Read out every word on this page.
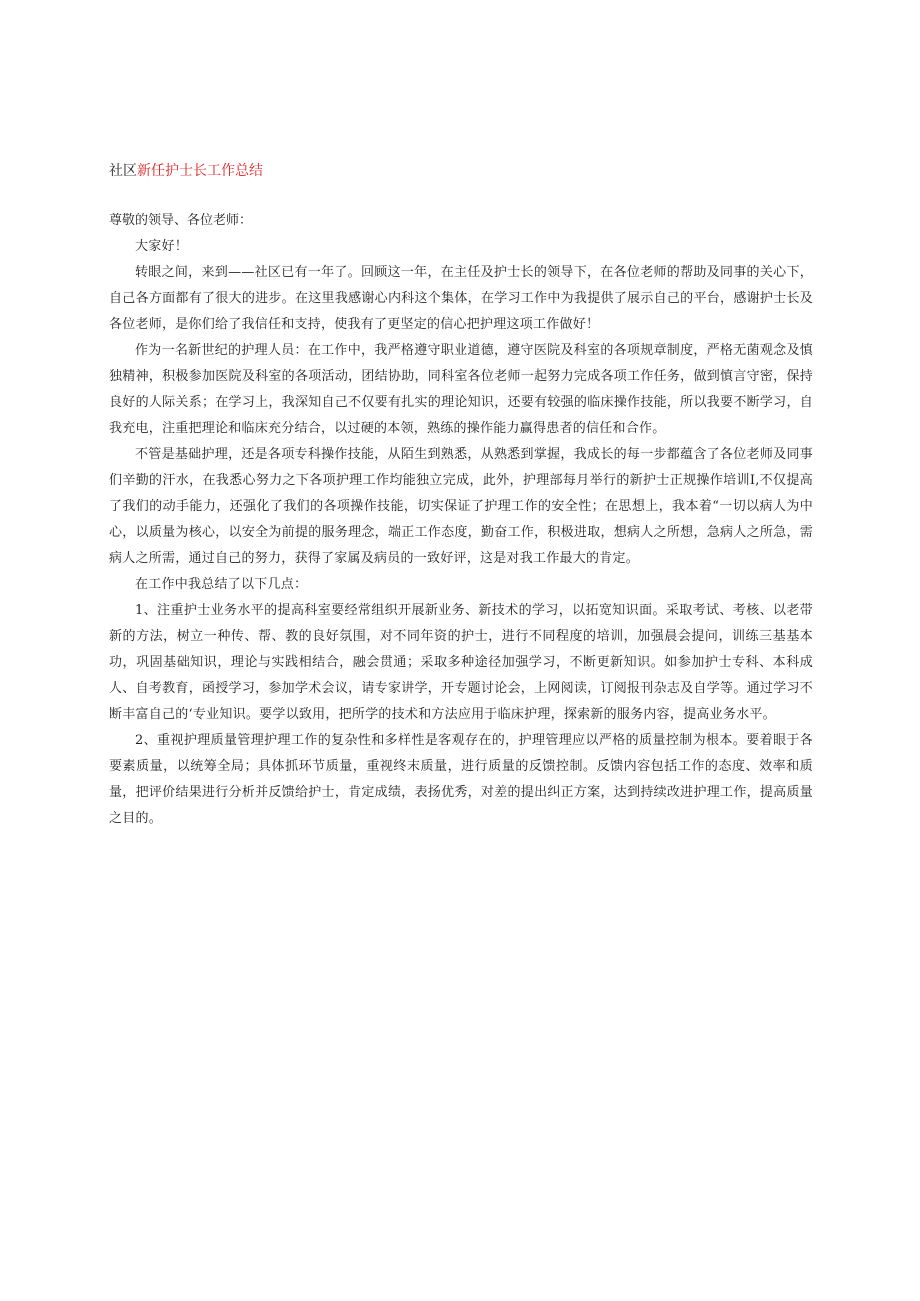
社区新任护士长工作总结

尊敬的领导、各位老师：

大家好！

转眼之间，来到——社区已有一年了。回顾这一年，在主任及护士长的领导下，在各位老师的帮助及同事的关心下，自己各方面都有了很大的进步。在这里我感谢心内科这个集体，在学习工作中为我提供了展示自己的平台，感谢护士长及各位老师，是你们给了我信任和支持，使我有了更坚定的信心把护理这项工作做好！

作为一名新世纪的护理人员：在工作中，我严格遵守职业道德，遵守医院及科室的各项规章制度，严格无菌观念及慎独精神，积极参加医院及科室的各项活动，团结协助，同科室各位老师一起努力完成各项工作任务，做到慎言守密，保持良好的人际关系；在学习上，我深知自己不仅要有扎实的理论知识，还要有较强的临床操作技能，所以我要不断学习，自我充电，注重把理论和临床充分结合，以过硬的本领，熟练的操作能力赢得患者的信任和合作。

不管是基础护理，还是各项专科操作技能，从陌生到熟悉，从熟悉到掌握，我成长的每一步都蕴含了各位老师及同事们辛勤的汗水，在我悉心努力之下各项护理工作均能独立完成，此外，护理部每月举行的新护士正规操作培训I,不仅提高了我们的动手能力，还强化了我们的各项操作技能，切实保证了护理工作的安全性；在思想上，我本着“一切以病人为中心，以质量为核心，以安全为前提的服务理念，端正工作态度，勤奋工作，积极进取，想病人之所想，急病人之所急，需病人之所需，通过自己的努力，获得了家属及病员的一致好评，这是对我工作最大的肯定。

在工作中我总结了以下几点：

1、注重护士业务水平的提高科室要经常组织开展新业务、新技术的学习，以拓宽知识面。采取考试、考核、以老带新的方法，树立一种传、帮、教的良好氛围，对不同年资的护士，进行不同程度的培训，加强晨会提问，训练三基基本功，巩固基础知识，理论与实践相结合，融会贯通；采取多种途径加强学习，不断更新知识。如参加护士专科、本科成人、自考教育，函授学习，参加学术会议，请专家讲学，开专题讨论会，上网阅读，订阅报刊杂志及自学等。通过学习不断丰富自己的‘专业知识。要学以致用，把所学的技术和方法应用于临床护理，探索新的服务内容，提高业务水平。

2、重视护理质量管理护理工作的复杂性和多样性是客观存在的，护理管理应以严格的质量控制为根本。要着眼于各要素质量，以统筹全局；具体抓环节质量，重视终末质量，进行质量的反馈控制。反馈内容包括工作的态度、效率和质量，把评价结果进行分析并反馈给护士，肯定成绩，表扬优秀，对差的提出纠正方案，达到持续改进护理工作，提高质量之目的。
